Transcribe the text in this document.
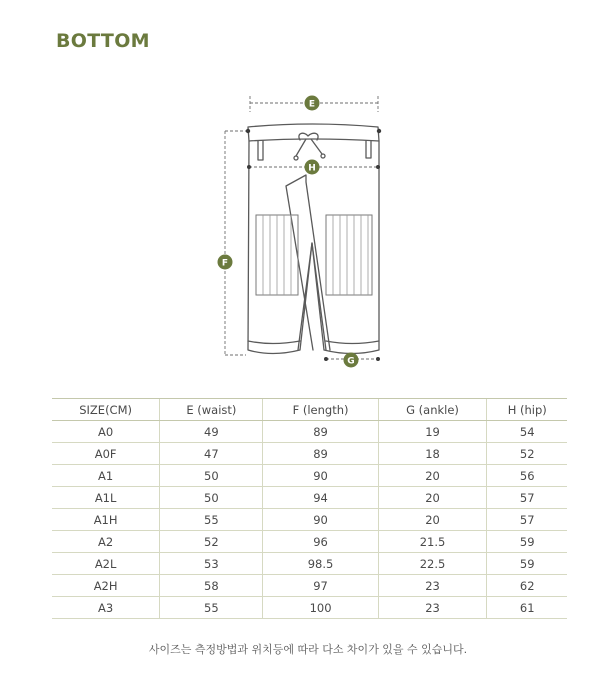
BOTTOM
E
H
F
G
SIZE(CM)	E (waist)	F (length)	G (ankle)	H (hip)
A0	49	89	19	54
A0F	47	89	18	52
A1	50	90	20	56
A1L	50	94	20	57
A1H	55	90	20	57
A2	52	96	21.5	59
A2L	53	98.5	22.5	59
A2H	58	97	23	62
A3	55	100	23	61
사이즈는 측정방법과 위치등에 따라 다소 차이가 있을 수 있습니다.
